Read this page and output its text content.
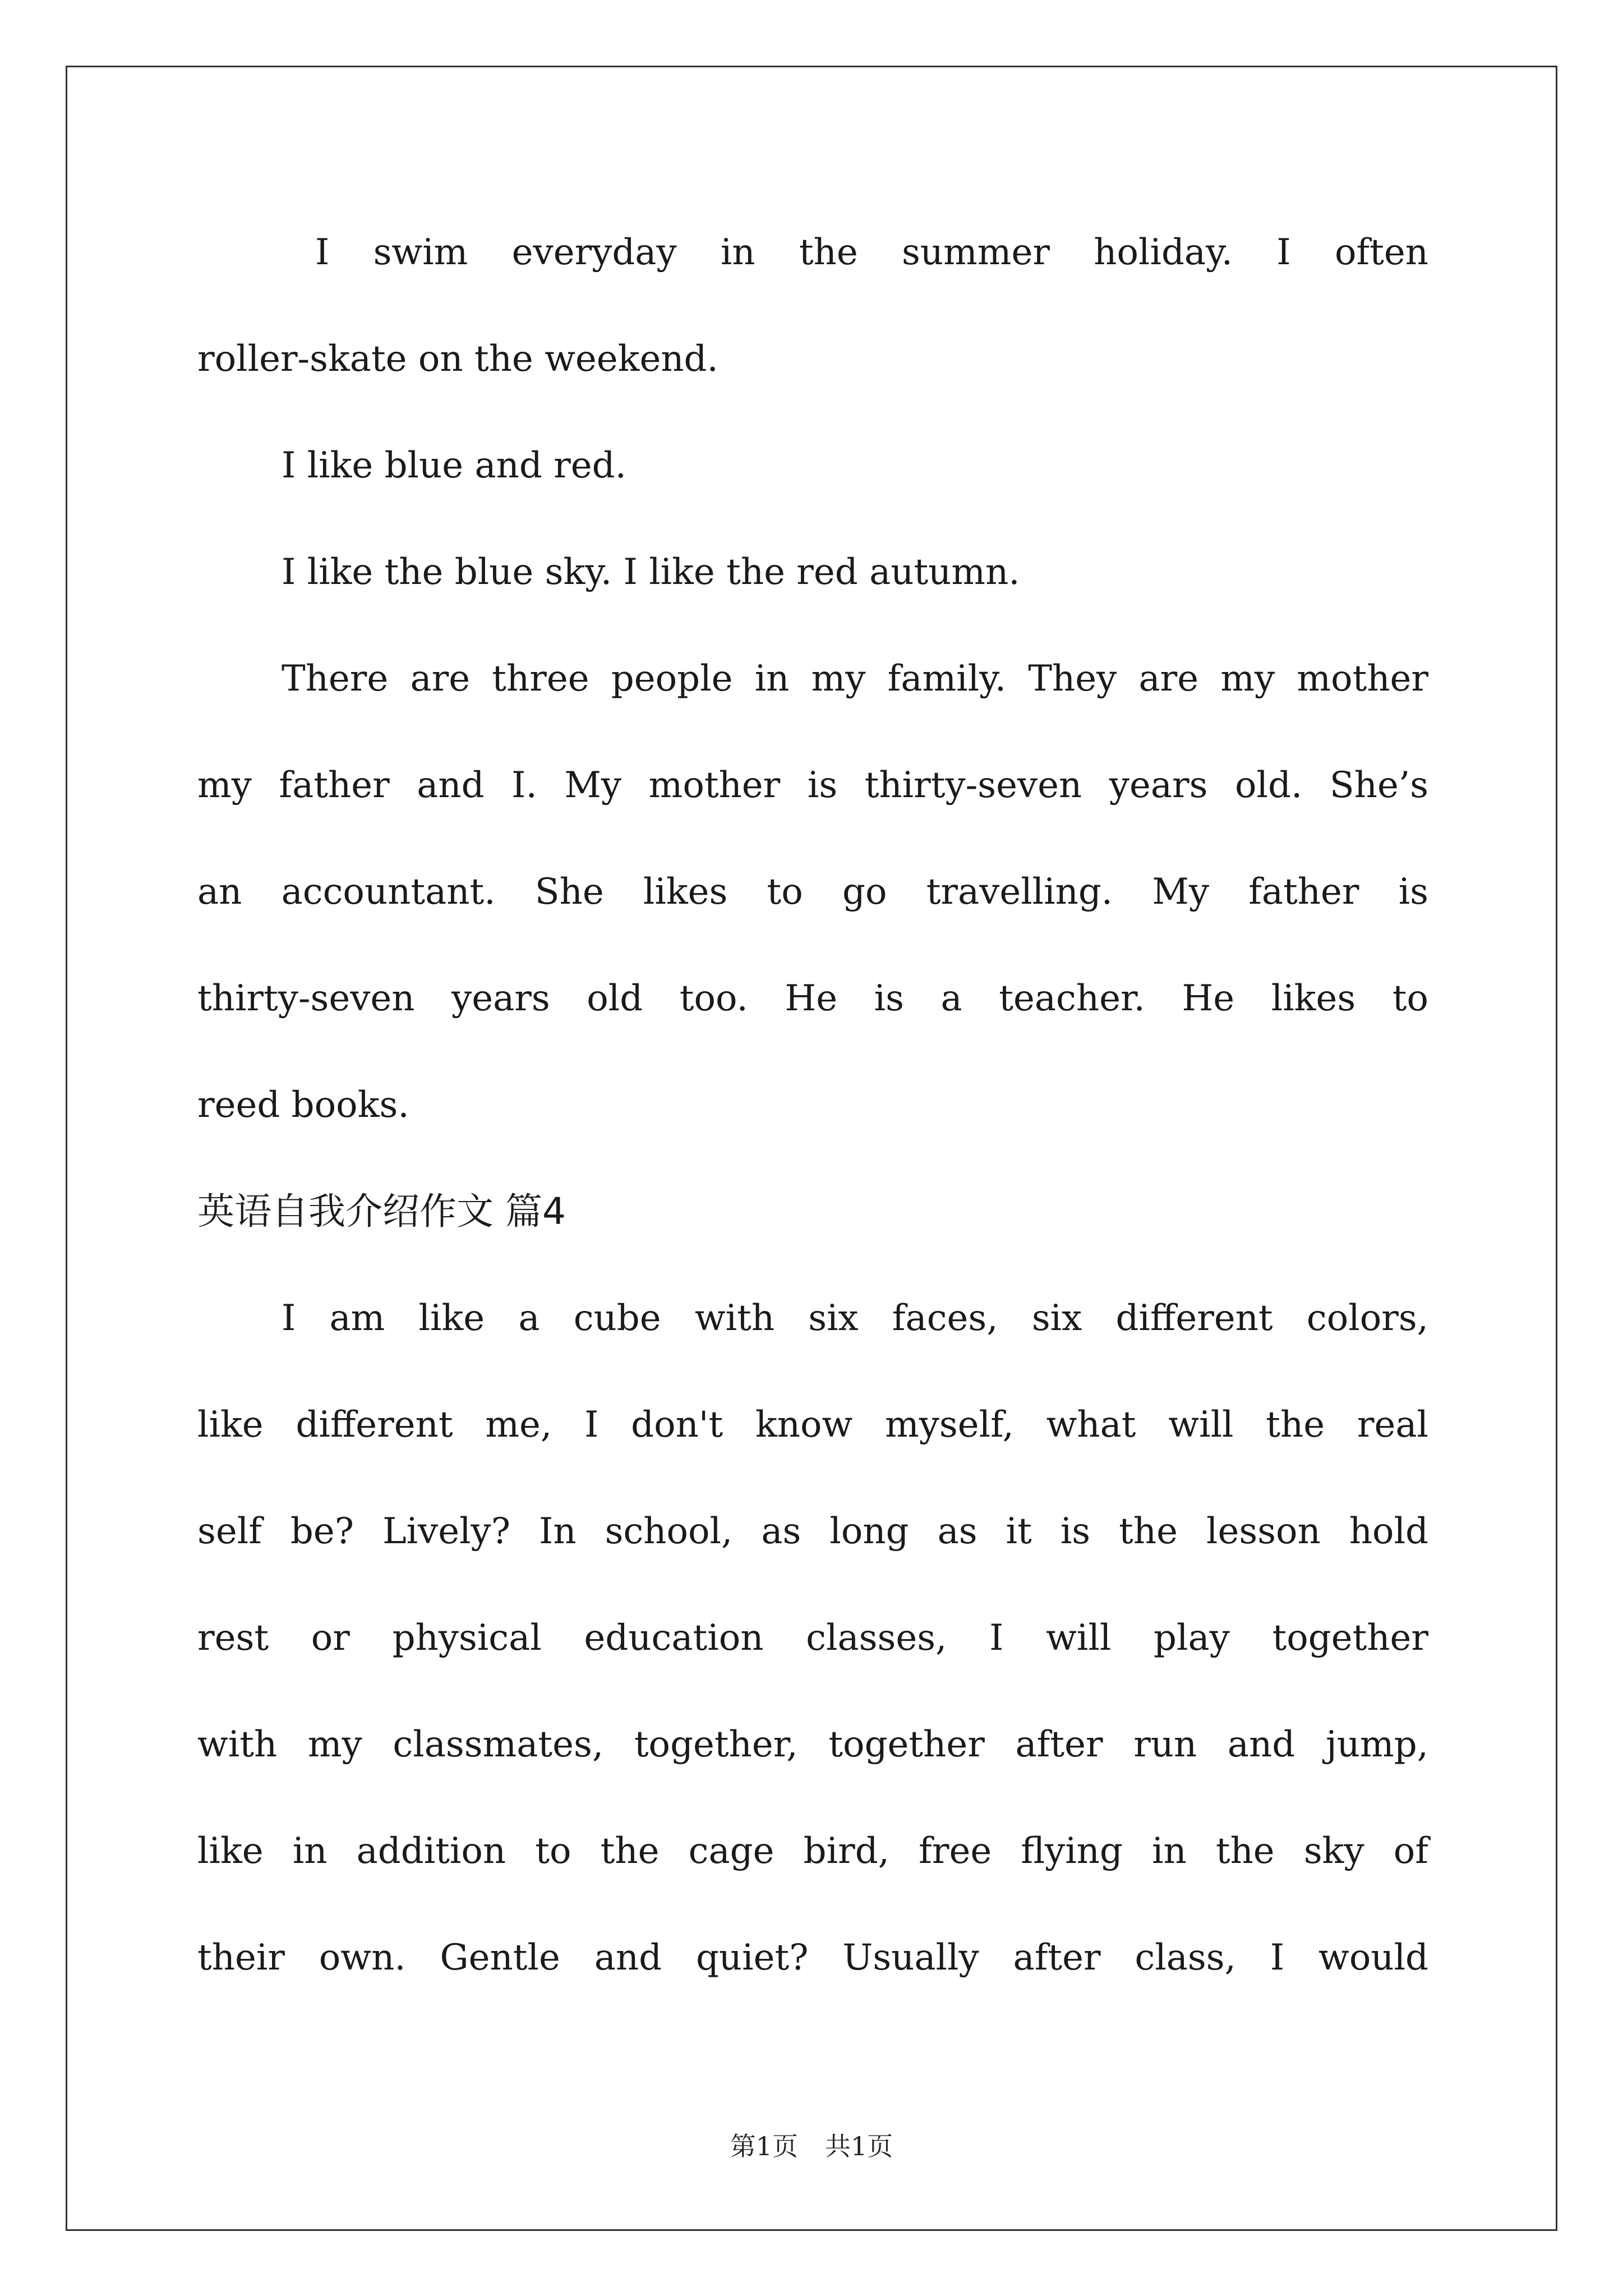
I swim everyday in the summer holiday. I often
roller-skate on the weekend.
I like blue and red.
I like the blue sky. I like the red autumn.
There are three people in my family. They are my mother
my father and I. My mother is thirty-seven years old. She’s
an accountant. She likes to go travelling. My father is
thirty-seven years old too. He is a teacher. He likes to
reed books.
英语自我介绍作文 篇4
I am like a cube with six faces, six different colors,
like different me, I don't know myself, what will the real
self be? Lively? In school, as long as it is the lesson hold
rest or physical education classes, I will play together
with my classmates, together, together after run and jump,
like in addition to the cage bird, free flying in the sky of
their own. Gentle and quiet? Usually after class, I would
第1页 共1页
